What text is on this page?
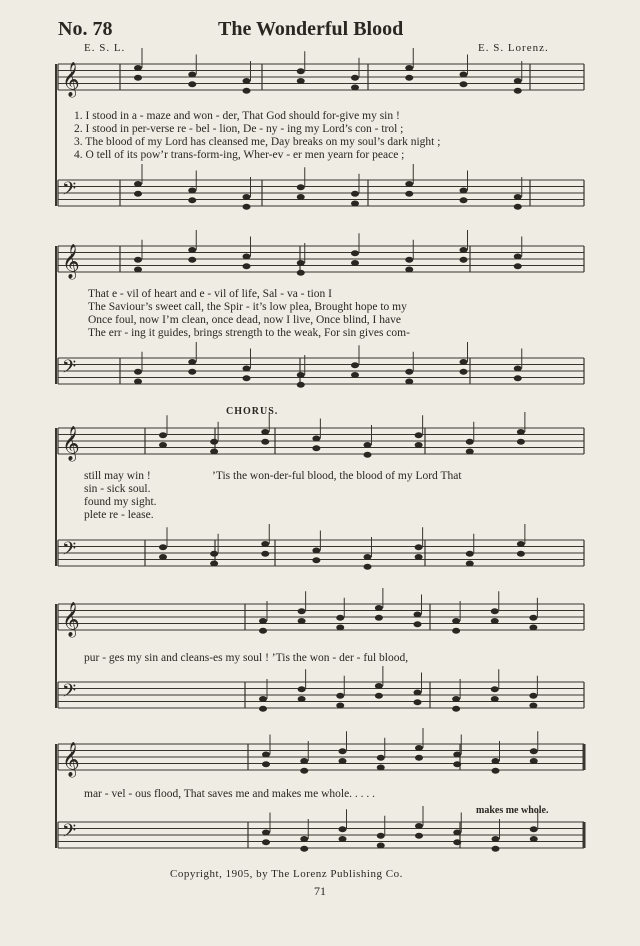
No. 78	The Wonderful Blood
E. S. L.	E. S. Lorenz.
𝄞
𝄢
𝄞
𝄢
𝄞
𝄢
𝄞
𝄢
𝄞
𝄢
1. I stood in a - maze and won - der, That God should for-give my sin !
2. I stood in per-verse re - bel - lion, De - ny - ing my Lord’s con - trol ;
3. The blood of my Lord has cleansed me, Day breaks on my soul’s dark night ;
4. O tell of its pow’r trans-form-ing, Wher-ev - er men yearn for peace ;
That e - vil of heart and e - vil of life, Sal - va - tion I
The Saviour’s sweet call, the Spir - it’s low plea, Brought hope to my
Once foul, now I’m clean, once dead, now I live, Once blind, I have
The err - ing it guides, brings strength to the weak, For sin gives com-
CHORUS.
still may win !
sin - sick soul.
found my sight.
plete re - lease.
’Tis the won-der-ful blood, the blood of my Lord That
pur - ges my sin and cleans-es my soul ! ’Tis the won - der - ful blood,
mar - vel - ous flood, That saves me and makes me whole. . . . .
makes me whole.
Copyright, 1905, by The Lorenz Publishing Co.
71
